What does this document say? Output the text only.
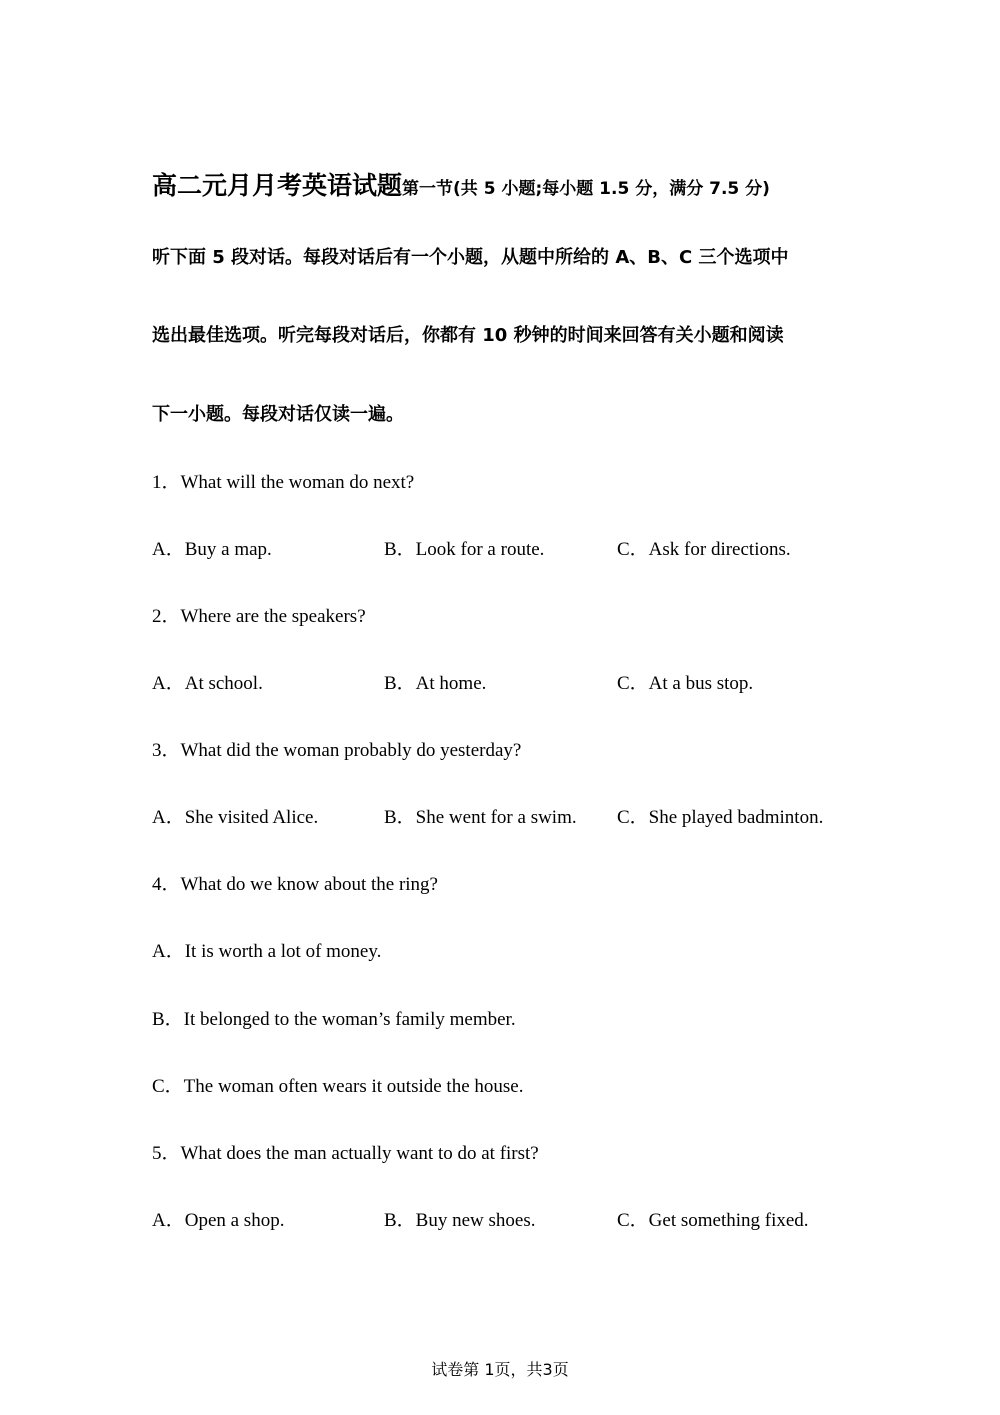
高二元月月考英语试题第一节(共 5 小题;每小题 1.5 分，满分 7.5 分)
听下面 5 段对话。每段对话后有一个小题，从题中所给的 A、B、C 三个选项中
选出最佳选项。听完每段对话后，你都有 10 秒钟的时间来回答有关小题和阅读
下一小题。每段对话仅读一遍。
1．What will the woman do next?
A．Buy a map.	B．Look for a route.	C．Ask for directions.
2．Where are the speakers?
A．At school.	B．At home.	C．At a bus stop.
3．What did the woman probably do yesterday?
A．She visited Alice.	B．She went for a swim. C．She played badminton.
4．What do we know about the ring?
A．It is worth a lot of money.
B．It belonged to the woman’s family member.
C．The woman often wears it outside the house.
5．What does the man actually want to do at first?
A．Open a shop.	B．Buy new shoes.	C．Get something fixed.
试卷第 1页，共3页
